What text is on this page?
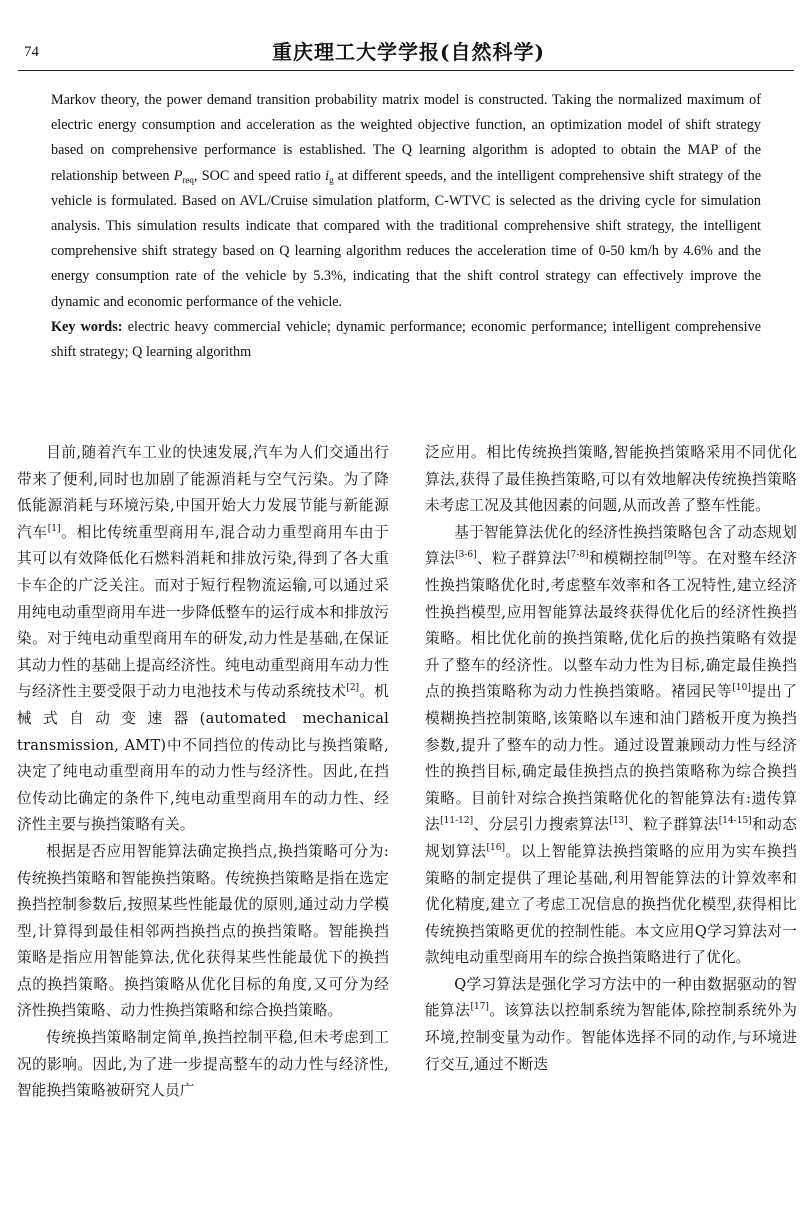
74	重庆理工大学学报(自然科学)

Markov theory, the power demand transition probability matrix model is constructed. Taking the normalized maximum of electric energy consumption and acceleration as the weighted objective function, an optimization model of shift strategy based on comprehensive performance is established. The Q learning algorithm is adopted to obtain the MAP of the relationship between $P_{req}$, SOC and speed ratio $i_g$ at different speeds, and the intelligent comprehensive shift strategy of the vehicle is formulated. Based on AVL/Cruise simulation platform, C-WTVC is selected as the driving cycle for simulation analysis. This simulation results indicate that compared with the traditional comprehensive shift strategy, the intelligent comprehensive shift strategy based on Q learning algorithm reduces the acceleration time of 0-50 km/h by 4.6% and the energy consumption rate of the vehicle by 5.3%, indicating that the shift control strategy can effectively improve the dynamic and economic performance of the vehicle.

Key words: electric heavy commercial vehicle; dynamic performance; economic performance; intelligent comprehensive shift strategy; Q learning algorithm

目前,随着汽车工业的快速发展,汽车为人们交通出行带来了便利,同时也加剧了能源消耗与空气污染。为了降低能源消耗与环境污染,中国开始大力发展节能与新能源汽车[1]。相比传统重型商用车,混合动力重型商用车由于其可以有效降低化石燃料消耗和排放污染,得到了各大重卡车企的广泛关注。而对于短行程物流运输,可以通过采用纯电动重型商用车进一步降低整车的运行成本和排放污染。对于纯电动重型商用车的研发,动力性是基础,在保证其动力性的基础上提高经济性。纯电动重型商用车动力性与经济性主要受限于动力电池技术与传动系统技术[2]。机械式自动变速器(automated mechanical transmission, AMT)中不同挡位的传动比与换挡策略,决定了纯电动重型商用车的动力性与经济性。因此,在挡位传动比确定的条件下,纯电动重型商用车的动力性、经济性主要与换挡策略有关。

根据是否应用智能算法确定换挡点,换挡策略可分为:传统换挡策略和智能换挡策略。传统换挡策略是指在选定换挡控制参数后,按照某些性能最优的原则,通过动力学模型,计算得到最佳相邻两挡换挡点的换挡策略。智能换挡策略是指应用智能算法,优化获得某些性能最优下的换挡点的换挡策略。换挡策略从优化目标的角度,又可分为经济性换挡策略、动力性换挡策略和综合换挡策略。

传统换挡策略制定简单,换挡控制平稳,但未考虑到工况的影响。因此,为了进一步提高整车的动力性与经济性,智能换挡策略被研究人员广

泛应用。相比传统换挡策略,智能换挡策略采用不同优化算法,获得了最佳换挡策略,可以有效地解决传统换挡策略未考虑工况及其他因素的问题,从而改善了整车性能。

基于智能算法优化的经济性换挡策略包含了动态规划算法[3-6]、粒子群算法[7-8]和模糊控制[9]等。在对整车经济性换挡策略优化时,考虑整车效率和各工况特性,建立经济性换挡模型,应用智能算法最终获得优化后的经济性换挡策略。相比优化前的换挡策略,优化后的换挡策略有效提升了整车的经济性。以整车动力性为目标,确定最佳换挡点的换挡策略称为动力性换挡策略。褚园民等[10]提出了模糊换挡控制策略,该策略以车速和油门踏板开度为换挡参数,提升了整车的动力性。通过设置兼顾动力性与经济性的换挡目标,确定最佳换挡点的换挡策略称为综合换挡策略。目前针对综合换挡策略优化的智能算法有:遗传算法[11-12]、分层引力搜索算法[13]、粒子群算法[14-15]和动态规划算法[16]。以上智能算法换挡策略的应用为实车换挡策略的制定提供了理论基础,利用智能算法的计算效率和优化精度,建立了考虑工况信息的换挡优化模型,获得相比传统换挡策略更优的控制性能。本文应用Q学习算法对一款纯电动重型商用车的综合换挡策略进行了优化。

Q学习算法是强化学习方法中的一种由数据驱动的智能算法[17]。该算法以控制系统为智能体,除控制系统外为环境,控制变量为动作。智能体选择不同的动作,与环境进行交互,通过不断迭
